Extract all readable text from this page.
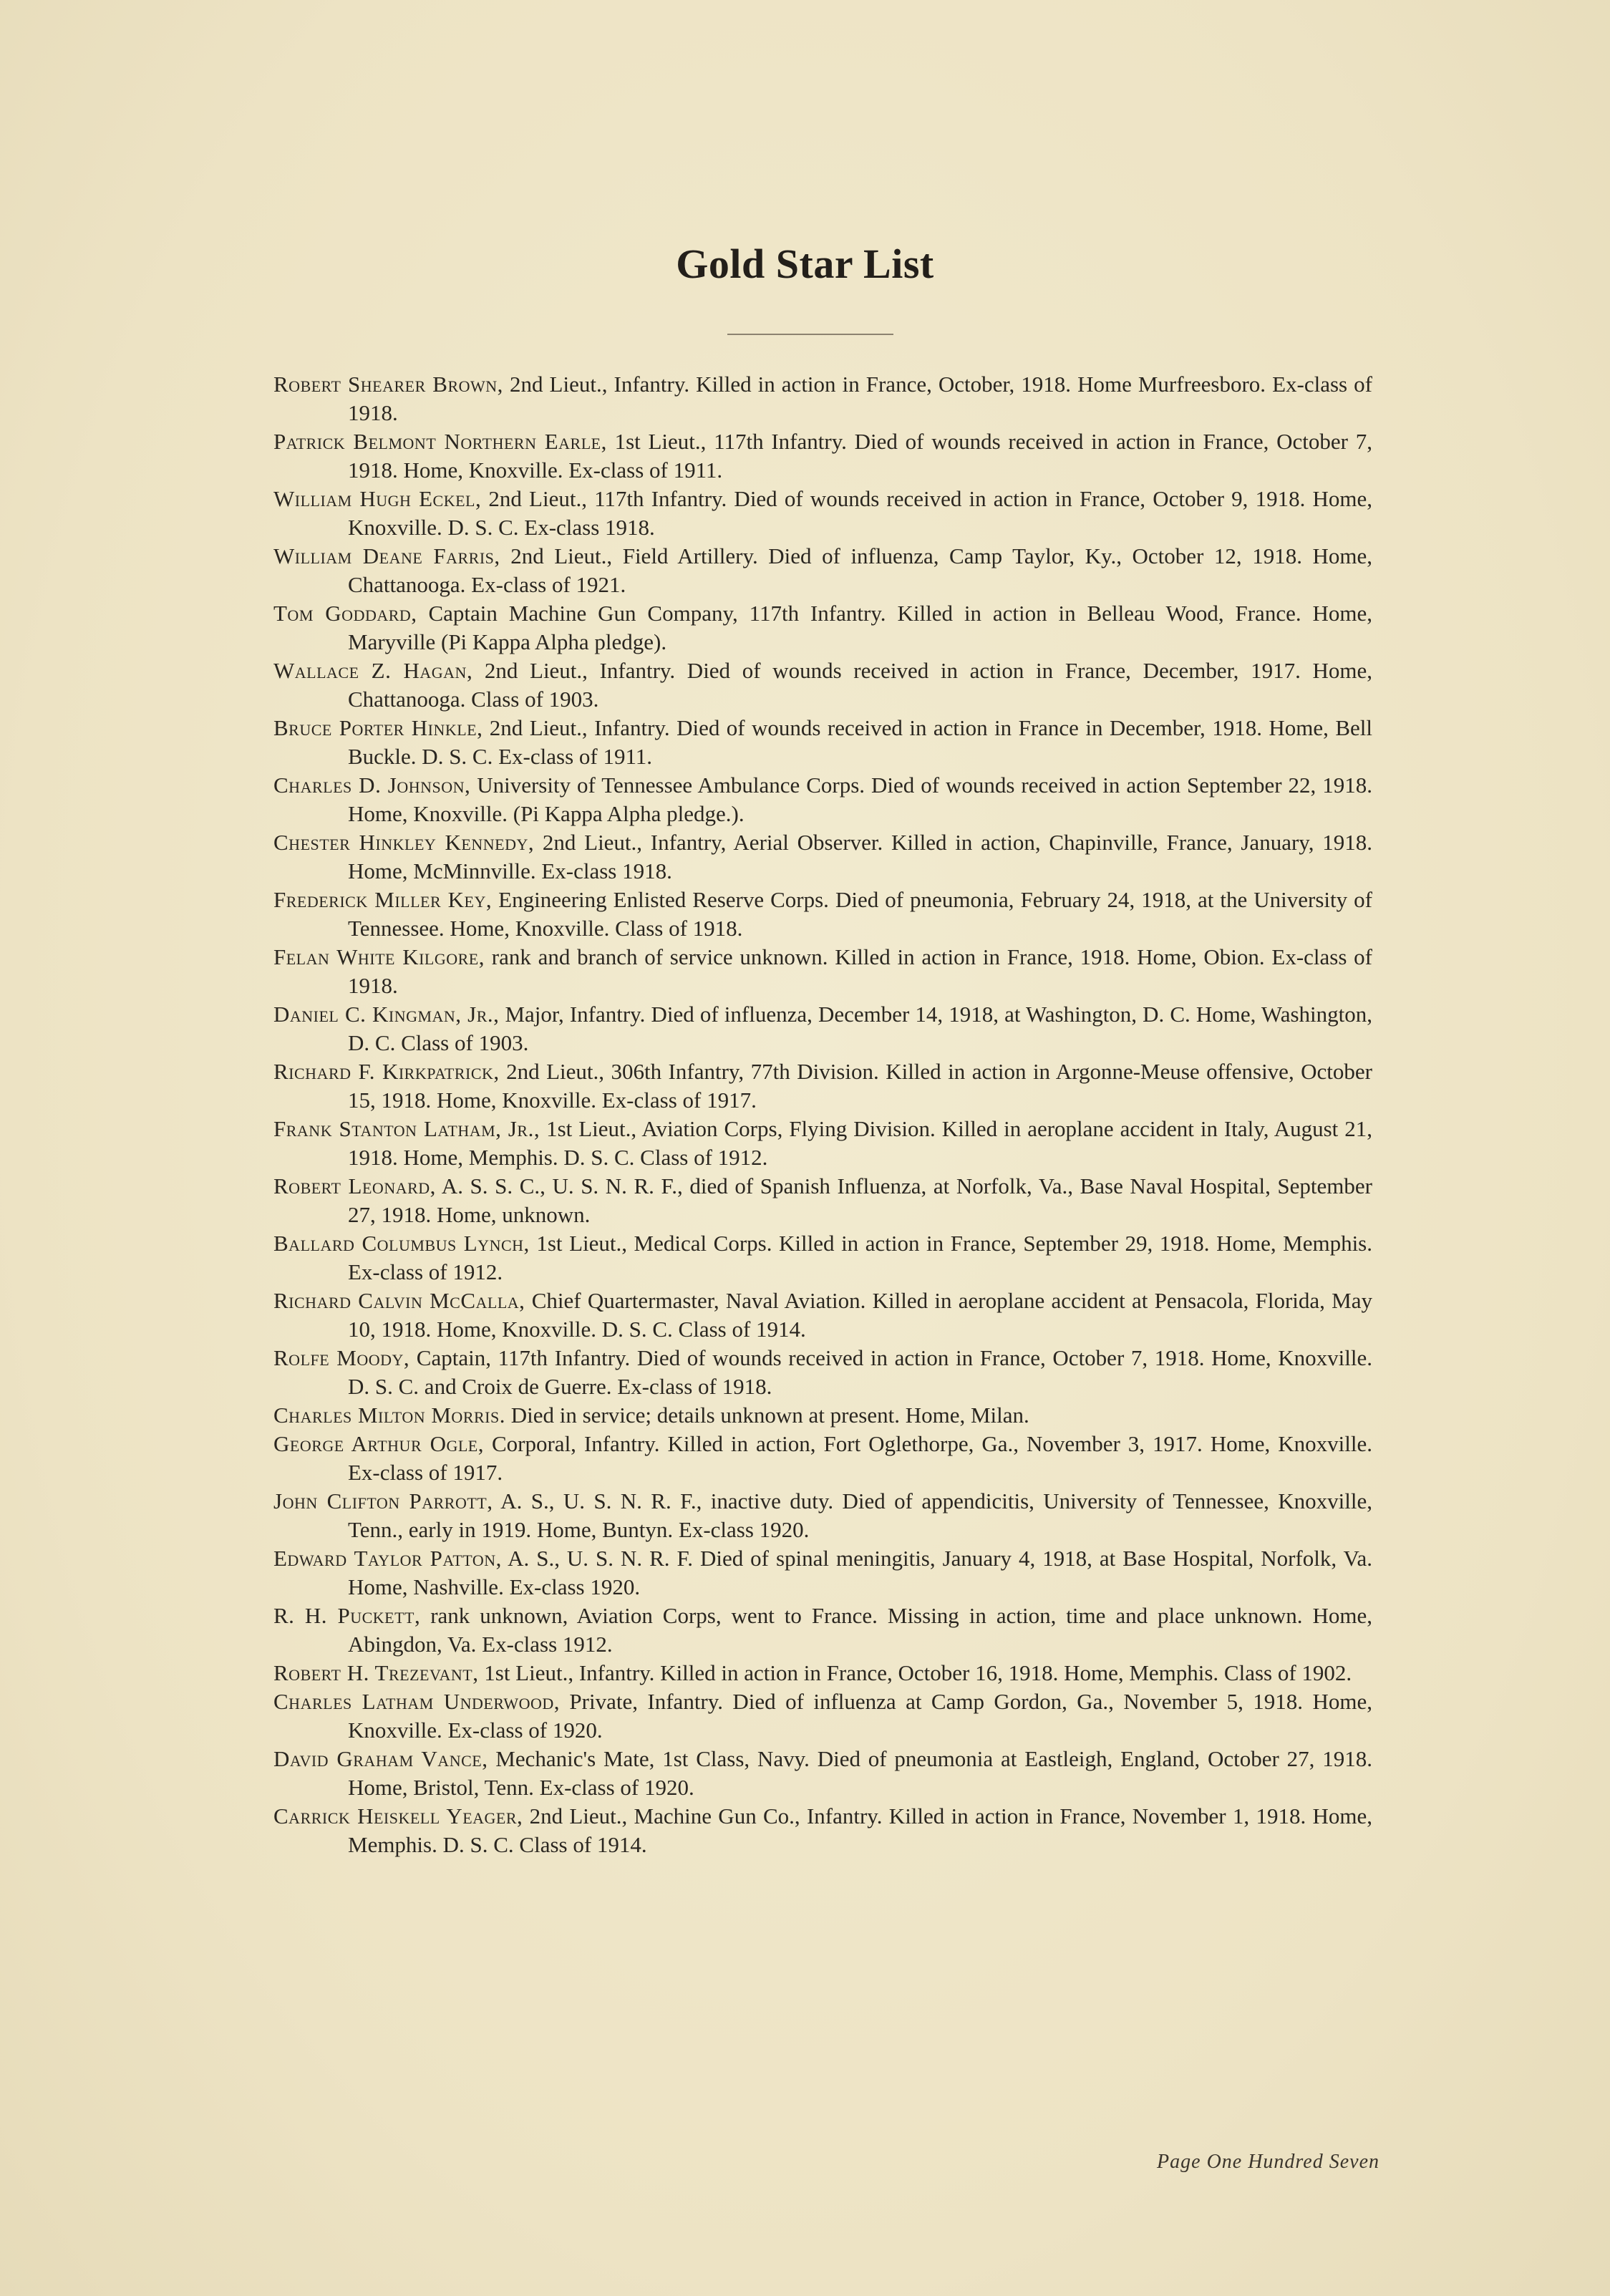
Gold Star List
Robert Shearer Brown, 2nd Lieut., Infantry. Killed in action in France, October, 1918. Home Murfreesboro. Ex-class of 1918.
Patrick Belmont Northern Earle, 1st Lieut., 117th Infantry. Died of wounds received in action in France, October 7, 1918. Home, Knoxville. Ex-class of 1911.
William Hugh Eckel, 2nd Lieut., 117th Infantry. Died of wounds received in action in France, October 9, 1918. Home, Knoxville. D. S. C. Ex-class 1918.
William Deane Farris, 2nd Lieut., Field Artillery. Died of influenza, Camp Taylor, Ky., October 12, 1918. Home, Chattanooga. Ex-class of 1921.
Tom Goddard, Captain Machine Gun Company, 117th Infantry. Killed in action in Belleau Wood, France. Home, Maryville (Pi Kappa Alpha pledge).
Wallace Z. Hagan, 2nd Lieut., Infantry. Died of wounds received in action in France, December, 1917. Home, Chattanooga. Class of 1903.
Bruce Porter Hinkle, 2nd Lieut., Infantry. Died of wounds received in action in France in December, 1918. Home, Bell Buckle. D. S. C. Ex-class of 1911.
Charles D. Johnson, University of Tennessee Ambulance Corps. Died of wounds received in action September 22, 1918. Home, Knoxville. (Pi Kappa Alpha pledge.).
Chester Hinkley Kennedy, 2nd Lieut., Infantry, Aerial Observer. Killed in action, Chapinville, France, January, 1918. Home, McMinnville. Ex-class 1918.
Frederick Miller Key, Engineering Enlisted Reserve Corps. Died of pneumonia, February 24, 1918, at the University of Tennessee. Home, Knoxville. Class of 1918.
Felan White Kilgore, rank and branch of service unknown. Killed in action in France, 1918. Home, Obion. Ex-class of 1918.
Daniel C. Kingman, Jr., Major, Infantry. Died of influenza, December 14, 1918, at Washington, D. C. Home, Washington, D. C. Class of 1903.
Richard F. Kirkpatrick, 2nd Lieut., 306th Infantry, 77th Division. Killed in action in Argonne-Meuse offensive, October 15, 1918. Home, Knoxville. Ex-class of 1917.
Frank Stanton Latham, Jr., 1st Lieut., Aviation Corps, Flying Division. Killed in aeroplane accident in Italy, August 21, 1918. Home, Memphis. D. S. C. Class of 1912.
Robert Leonard, A. S. S. C., U. S. N. R. F., died of Spanish Influenza, at Norfolk, Va., Base Naval Hospital, September 27, 1918. Home, unknown.
Ballard Columbus Lynch, 1st Lieut., Medical Corps. Killed in action in France, September 29, 1918. Home, Memphis. Ex-class of 1912.
Richard Calvin McCalla, Chief Quartermaster, Naval Aviation. Killed in aeroplane accident at Pensacola, Florida, May 10, 1918. Home, Knoxville. D. S. C. Class of 1914.
Rolfe Moody, Captain, 117th Infantry. Died of wounds received in action in France, October 7, 1918. Home, Knoxville. D. S. C. and Croix de Guerre. Ex-class of 1918.
Charles Milton Morris. Died in service; details unknown at present. Home, Milan.
George Arthur Ogle, Corporal, Infantry. Killed in action, Fort Oglethorpe, Ga., November 3, 1917. Home, Knoxville. Ex-class of 1917.
John Clifton Parrott, A. S., U. S. N. R. F., inactive duty. Died of appendicitis, University of Tennessee, Knoxville, Tenn., early in 1919. Home, Buntyn. Ex-class 1920.
Edward Taylor Patton, A. S., U. S. N. R. F. Died of spinal meningitis, January 4, 1918, at Base Hospital, Norfolk, Va. Home, Nashville. Ex-class 1920.
R. H. Puckett, rank unknown, Aviation Corps, went to France. Missing in action, time and place unknown. Home, Abingdon, Va. Ex-class 1912.
Robert H. Trezevant, 1st Lieut., Infantry. Killed in action in France, October 16, 1918. Home, Memphis. Class of 1902.
Charles Latham Underwood, Private, Infantry. Died of influenza at Camp Gordon, Ga., November 5, 1918. Home, Knoxville. Ex-class of 1920.
David Graham Vance, Mechanic's Mate, 1st Class, Navy. Died of pneumonia at Eastleigh, England, October 27, 1918. Home, Bristol, Tenn. Ex-class of 1920.
Carrick Heiskell Yeager, 2nd Lieut., Machine Gun Co., Infantry. Killed in action in France, November 1, 1918. Home, Memphis. D. S. C. Class of 1914.
Page One Hundred Seven
